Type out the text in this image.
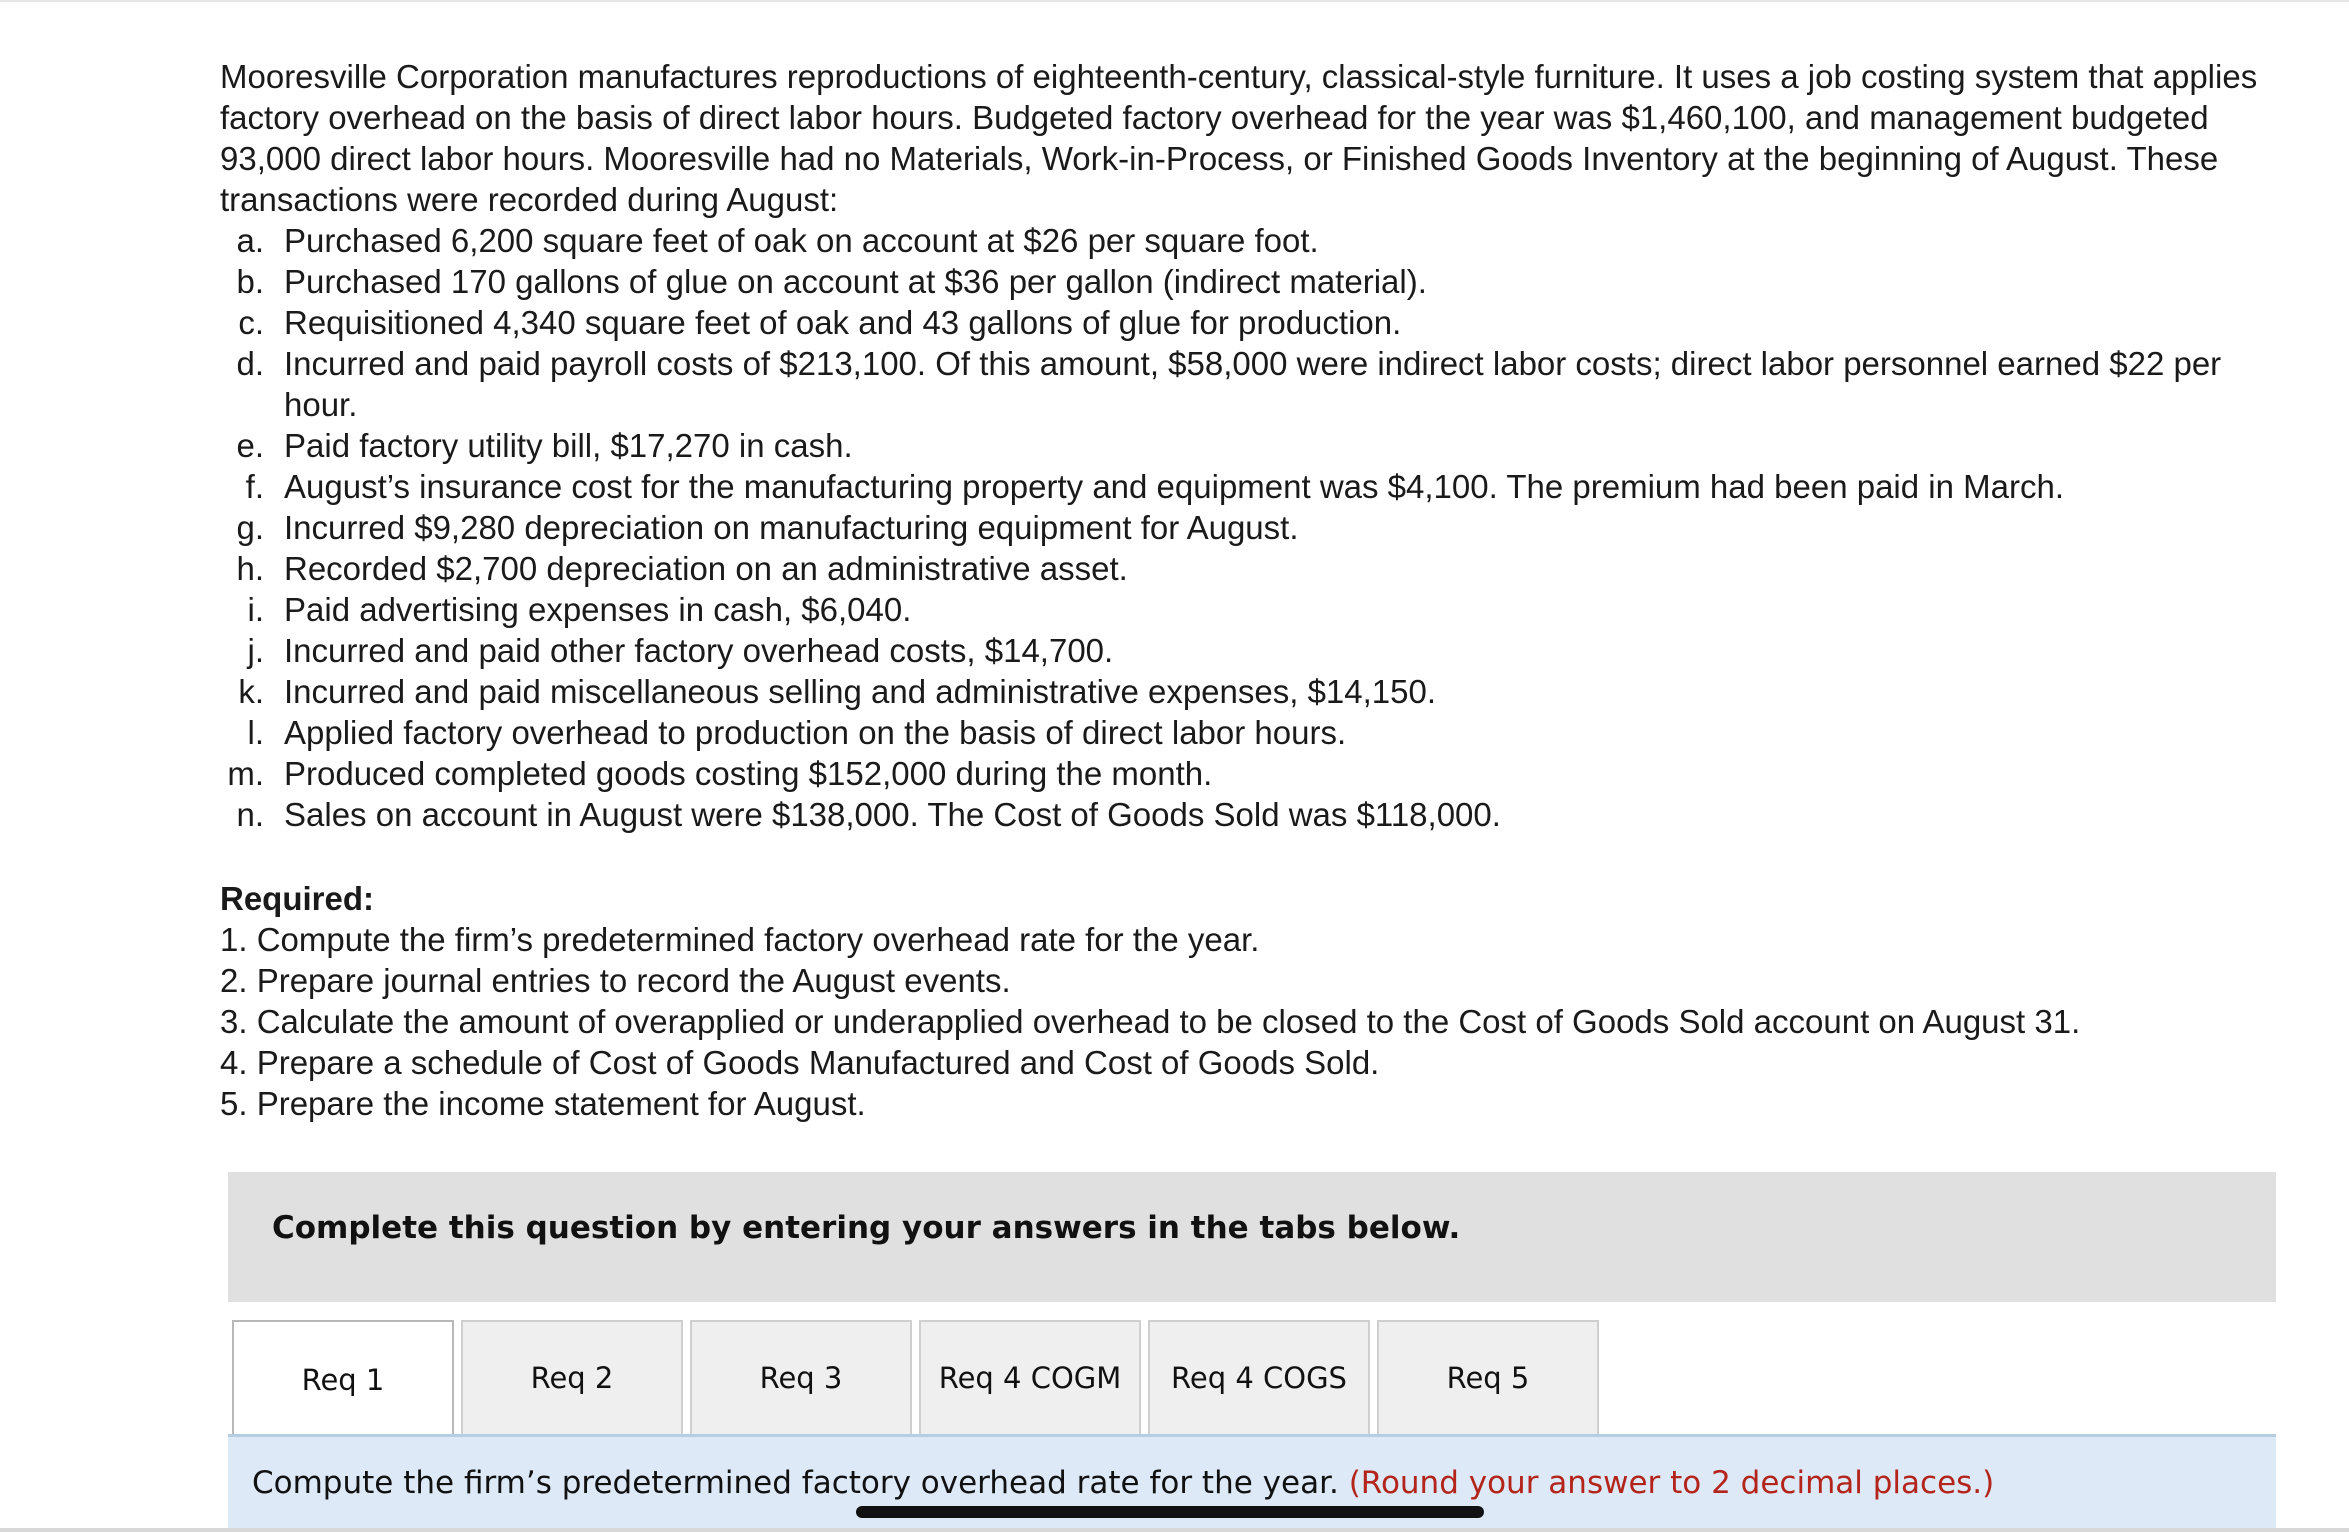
Mooresville Corporation manufactures reproductions of eighteenth-century, classical-style furniture. It uses a job costing system that applies factory overhead on the basis of direct labor hours. Budgeted factory overhead for the year was $1,460,100, and management budgeted 93,000 direct labor hours. Mooresville had no Materials, Work-in-Process, or Finished Goods Inventory at the beginning of August. These transactions were recorded during August:

a. Purchased 6,200 square feet of oak on account at $26 per square foot.
b. Purchased 170 gallons of glue on account at $36 per gallon (indirect material).
c. Requisitioned 4,340 square feet of oak and 43 gallons of glue for production.
d. Incurred and paid payroll costs of $213,100. Of this amount, $58,000 were indirect labor costs; direct labor personnel earned $22 per hour.
e. Paid factory utility bill, $17,270 in cash.
f. August’s insurance cost for the manufacturing property and equipment was $4,100. The premium had been paid in March.
g. Incurred $9,280 depreciation on manufacturing equipment for August.
h. Recorded $2,700 depreciation on an administrative asset.
i. Paid advertising expenses in cash, $6,040.
j. Incurred and paid other factory overhead costs, $14,700.
k. Incurred and paid miscellaneous selling and administrative expenses, $14,150.
l. Applied factory overhead to production on the basis of direct labor hours.
m. Produced completed goods costing $152,000 during the month.
n. Sales on account in August were $138,000. The Cost of Goods Sold was $118,000.
Required:
1. Compute the firm’s predetermined factory overhead rate for the year.
2. Prepare journal entries to record the August events.
3. Calculate the amount of overapplied or underapplied overhead to be closed to the Cost of Goods Sold account on August 31.
4. Prepare a schedule of Cost of Goods Manufactured and Cost of Goods Sold.
5. Prepare the income statement for August.
Complete this question by entering your answers in the tabs below.
Req 1	Req 2	Req 3	Req 4 COGM	Req 4 COGS	Req 5
Compute the firm’s predetermined factory overhead rate for the year. (Round your answer to 2 decimal places.)
